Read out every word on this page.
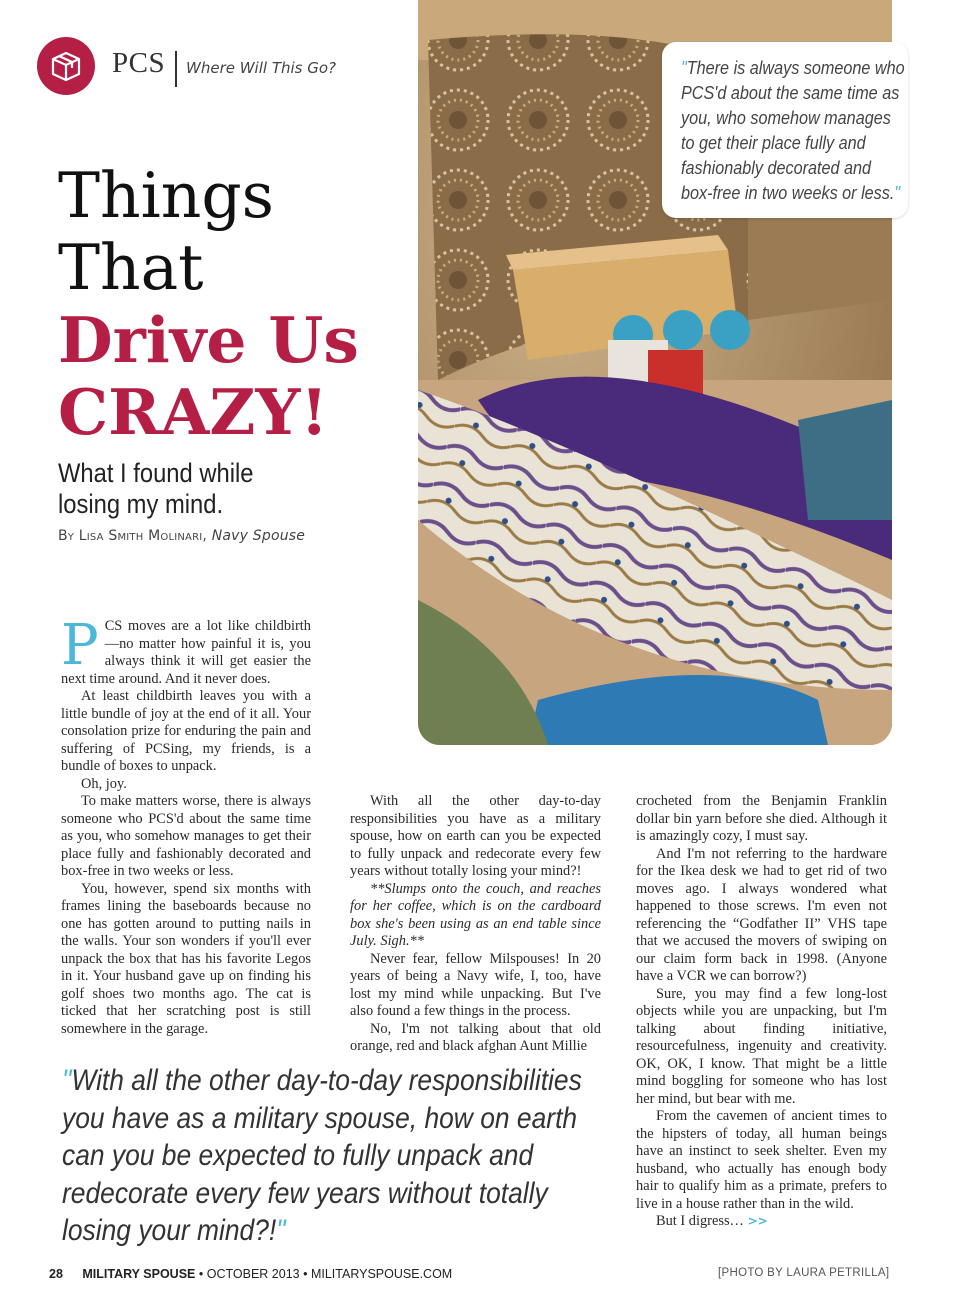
PCS Where Will This Go?
Things
That
Drive Us
CRAZY!
What I found while
losing my mind.
By Lisa Smith Molinari, Navy Spouse

"There is always someone who PCS'd about the same time as you, who somehow manages to get their place fully and fashionably decorated and box-free in two weeks or less."

PCS moves are a lot like childbirth—no matter how painful it is, you always think it will get easier the next time around. And it never does.

At least childbirth leaves you with a little bundle of joy at the end of it all. Your consolation prize for enduring the pain and suffering of PCSing, my friends, is a bundle of boxes to unpack.

Oh, joy.

To make matters worse, there is always someone who PCS'd about the same time as you, who somehow manages to get their place fully and fashionably decorated and box-free in two weeks or less.

You, however, spend six months with frames lining the baseboards because no one has gotten around to putting nails in the walls. Your son wonders if you'll ever unpack the box that has his favorite Legos in it. Your husband gave up on finding his golf shoes two months ago. The cat is ticked that her scratching post is still somewhere in the garage.

With all the other day-to-day responsibilities you have as a military spouse, how on earth can you be expected to fully unpack and redecorate every few years without totally losing your mind?!

**Slumps onto the couch, and reaches for her coffee, which is on the cardboard box she's been using as an end table since July. Sigh.**

Never fear, fellow Milspouses! In 20 years of being a Navy wife, I, too, have lost my mind while unpacking. But I've also found a few things in the process.

No, I'm not talking about that old orange, red and black afghan Aunt Millie

crocheted from the Benjamin Franklin dollar bin yarn before she died. Although it is amazingly cozy, I must say.

And I'm not referring to the hardware for the Ikea desk we had to get rid of two moves ago. I always wondered what happened to those screws. I'm even not referencing the “Godfather II” VHS tape that we accused the movers of swiping on our claim form back in 1998. (Anyone have a VCR we can borrow?)

Sure, you may find a few long-lost objects while you are unpacking, but I'm talking about finding initiative, resourcefulness, ingenuity and creativity. OK, OK, I know. That might be a little mind boggling for someone who has lost her mind, but bear with me.

From the cavemen of ancient times to the hipsters of today, all human beings have an instinct to seek shelter. Even my husband, who actually has enough body hair to qualify him as a primate, prefers to live in a house rather than in the wild.

But I digress… >>

"With all the other day-to-day responsibilities you have as a military spouse, how on earth can you be expected to fully unpack and redecorate every few years without totally losing your mind?!"
28 MILITARY SPOUSE • OCTOBER 2013 • MILITARYSPOUSE.COM	[PHOTO BY LAURA PETRILLA]
